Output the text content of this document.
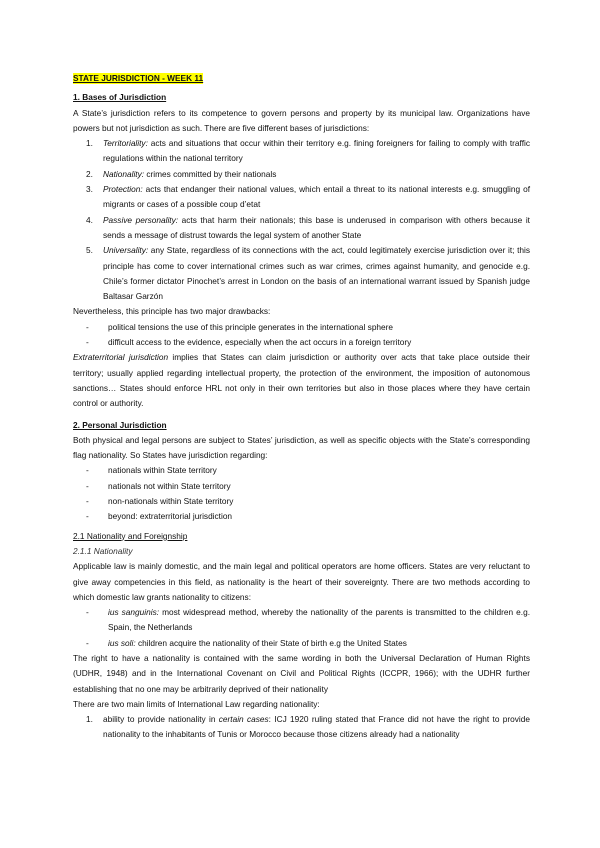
STATE JURISDICTION - WEEK 11
1. Bases of Jurisdiction

A State’s jurisdiction refers to its competence to govern persons and property by its municipal law. Organizations have powers but not jurisdiction as such. There are five different bases of jurisdictions:

1.	Territoriality: acts and situations that occur within their territory e.g. fining foreigners for failing to comply with traffic regulations within the national territory
2.	Nationality: crimes committed by their nationals
3.	Protection: acts that endanger their national values, which entail a threat to its national interests e.g. smuggling of migrants or cases of a possible coup d’etat
4.	Passive personality: acts that harm their nationals; this base is underused in comparison with others because it sends a message of distrust towards the legal system of another State
5.	Universality: any State, regardless of its connections with the act, could legitimately exercise jurisdiction over it; this principle has come to cover international crimes such as war crimes, crimes against humanity, and genocide e.g. Chile’s former dictator Pinochet’s arrest in London on the basis of an international warrant issued by Spanish judge Baltasar Garzón

Nevertheless, this principle has two major drawbacks:

-	political tensions the use of this principle generates in the international sphere
-	difficult access to the evidence, especially when the act occurs in a foreign territory

Extraterritorial jurisdiction implies that States can claim jurisdiction or authority over acts that take place outside their territory; usually applied regarding intellectual property, the protection of the environment, the imposition of autonomous sanctions… States should enforce HRL not only in their own territories but also in those places where they have certain control or authority.

2. Personal Jurisdiction

Both physical and legal persons are subject to States’ jurisdiction, as well as specific objects with the State’s corresponding flag nationality. So States have jurisdiction regarding:

-	nationals within State territory
-	nationals not within State territory
-	non-nationals within State territory
-	beyond: extraterritorial jurisdiction
2.1 Nationality and Foreignship
2.1.1 Nationality

Applicable law is mainly domestic, and the main legal and political operators are home officers. States are very reluctant to give away competencies in this field, as nationality is the heart of their sovereignty. There are two methods according to which domestic law grants nationality to citizens:

-	ius sanguinis: most widespread method, whereby the nationality of the parents is transmitted to the children e.g. Spain, the Netherlands
-	ius soli: children acquire the nationality of their State of birth e.g the United States

The right to have a nationality is contained with the same wording in both the Universal Declaration of Human Rights (UDHR, 1948) and in the International Covenant on Civil and Political Rights (ICCPR, 1966); with the UDHR further establishing that no one may be arbitrarily deprived of their nationality

There are two main limits of International Law regarding nationality:

1.	ability to provide nationality in certain cases: ICJ 1920 ruling stated that France did not have the right to provide nationality to the inhabitants of Tunis or Morocco because those citizens already had a nationality
